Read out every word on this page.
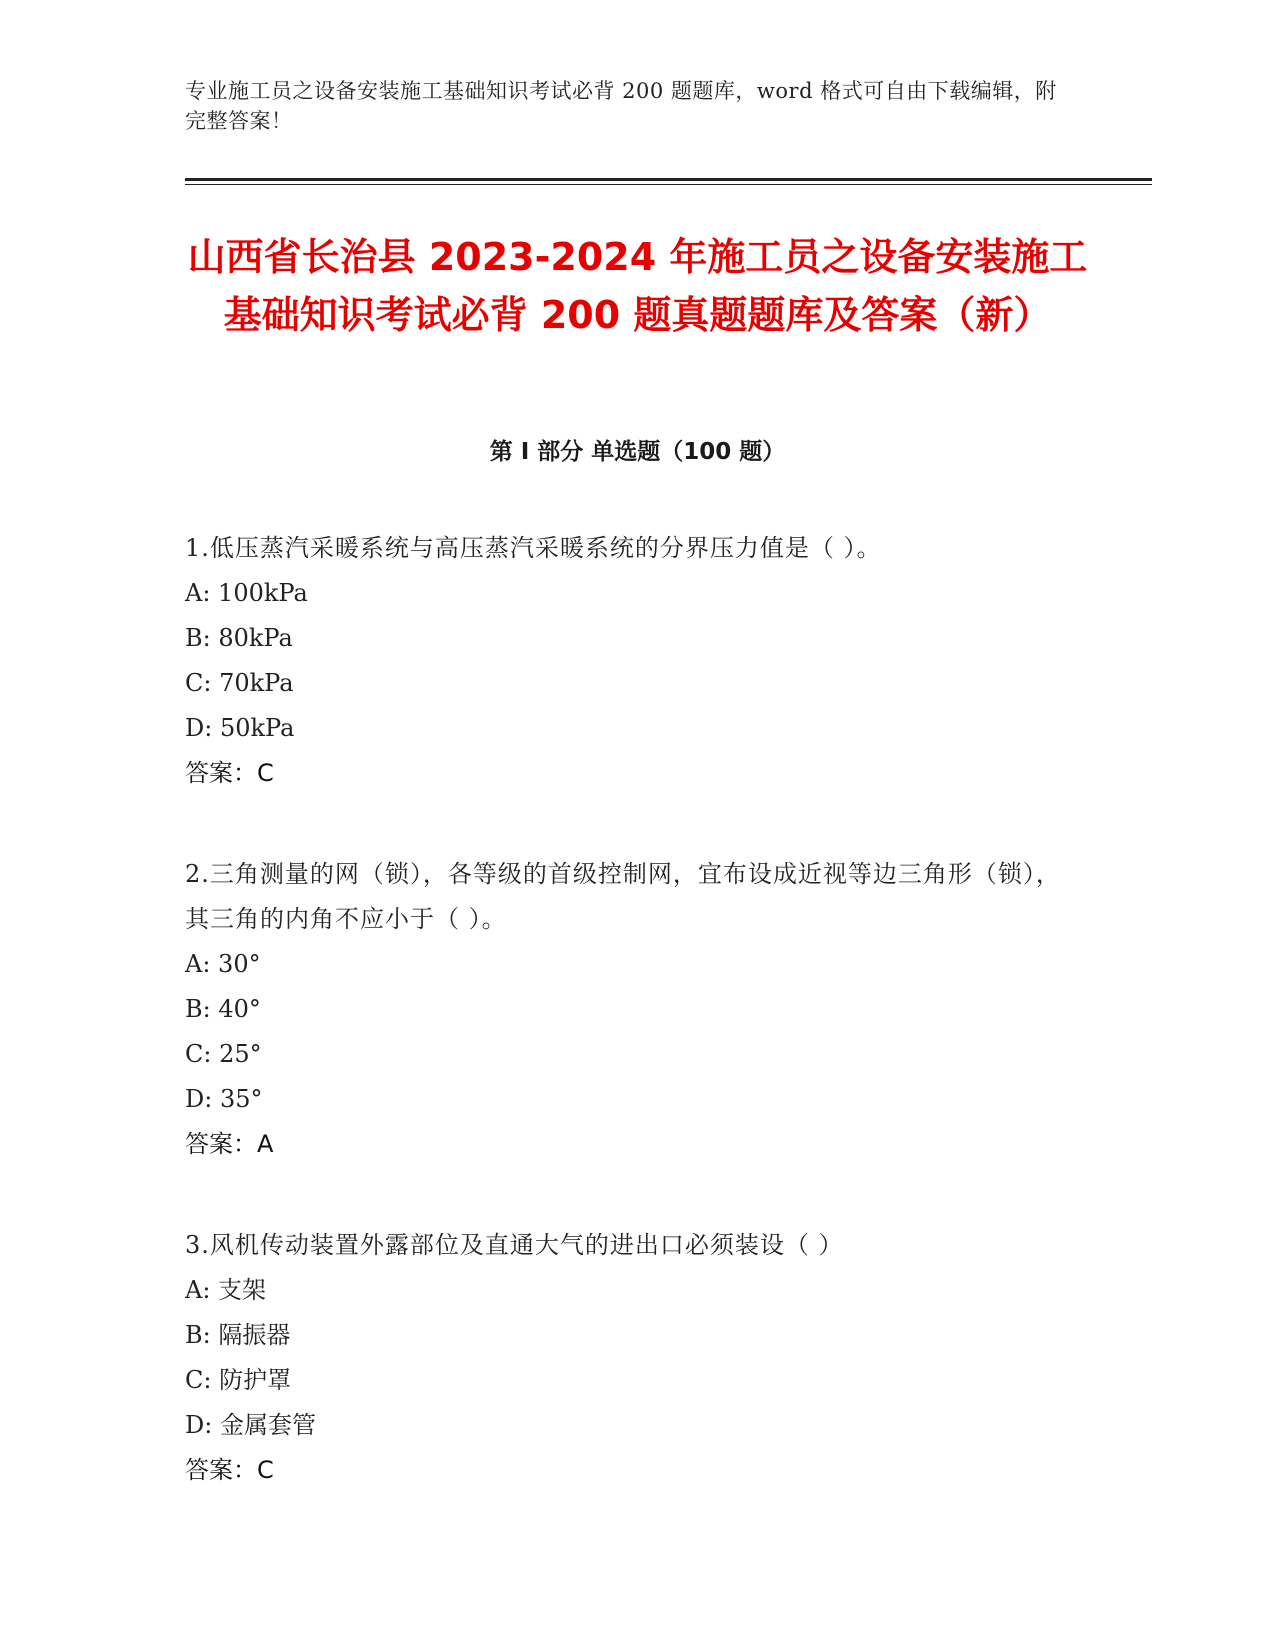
专业施工员之设备安装施工基础知识考试必背 200 题题库，word 格式可自由下载编辑，附完整答案！
山西省长治县 2023-2024 年施工员之设备安装施工基础知识考试必背 200 题真题题库及答案（新）
第 I 部分 单选题（100 题）
1.低压蒸汽采暖系统与高压蒸汽采暖系统的分界压力值是（ ）。
A: 100kPa
B: 80kPa
C: 70kPa
D: 50kPa
答案：C
2.三角测量的网（锁），各等级的首级控制网，宜布设成近视等边三角形（锁），其三角的内角不应小于（ ）。
A: 30°
B: 40°
C: 25°
D: 35°
答案：A
3.风机传动装置外露部位及直通大气的进出口必须装设（ ）
A: 支架
B: 隔振器
C: 防护罩
D: 金属套管
答案：C
